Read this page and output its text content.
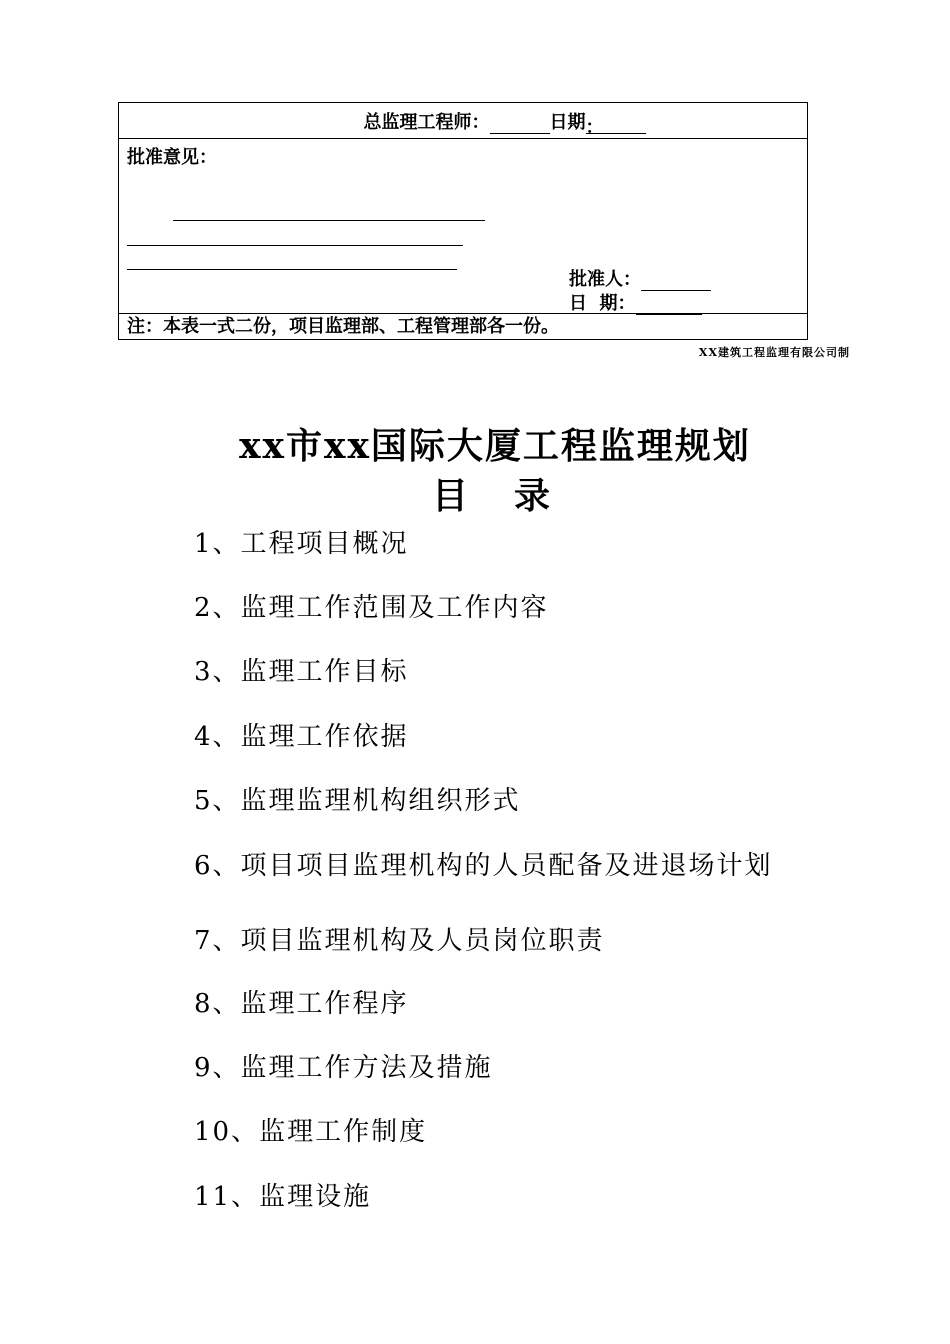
总监理工程师：	日期：

批准意见：
批准人：
日  期：

注：本表一式二份，项目监理部、工程管理部各一份。
XX建筑工程监理有限公司制
xx市xx国际大厦工程监理规划
目 录
1、工程项目概况
2、监理工作范围及工作内容
3、监理工作目标
4、监理工作依据
5、监理监理机构组织形式
6、项目项目监理机构的人员配备及进退场计划
7、项目监理机构及人员岗位职责
8、监理工作程序
9、监理工作方法及措施
10、监理工作制度
11、监理设施
